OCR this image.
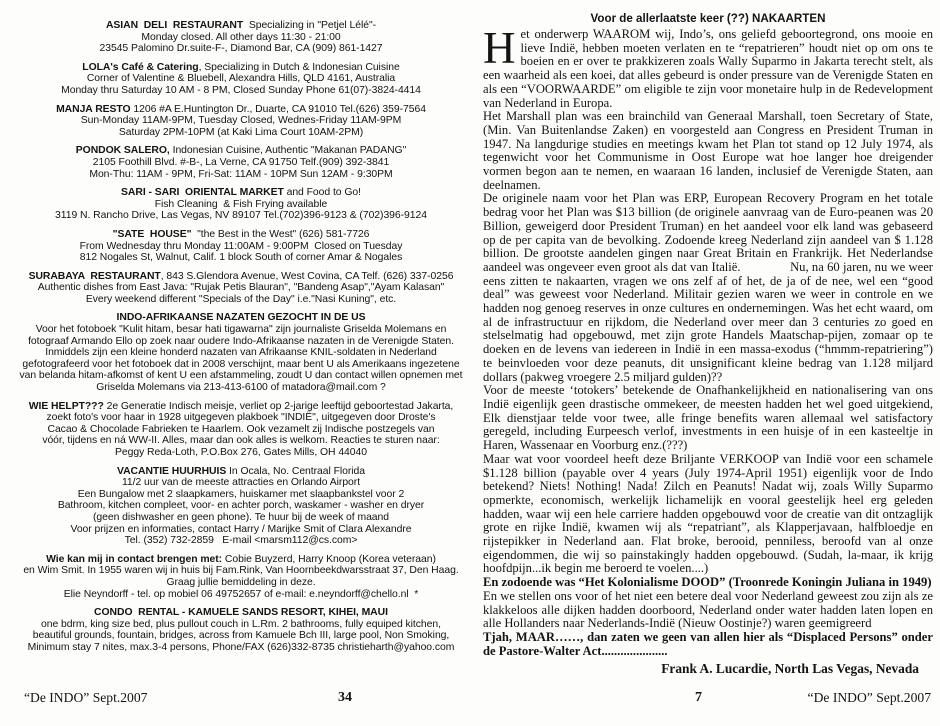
ASIAN  DELI  RESTAURANT  Specializing in "Petjel Lélé"-
Monday closed. All other days 11:30 - 21:00
23545 Palomino Dr.suite-F-, Diamond Bar, CA (909) 861-1427
LOLA's Café & Catering, Specializing in Dutch & Indonesian Cuisine
Corner of Valentine & Bluebell, Alexandra Hills, QLD 4161, Australia
Monday thru Saturday 10 AM - 8 PM, Closed Sunday Phone 61(07)-3824-4414
MANJA RESTO 1206 #A E.Huntington Dr., Duarte, CA 91010 Tel.(626) 359-7564
Sun-Monday 11AM-9PM, Tuesday Closed, Wednes-Friday 11AM-9PM
Saturday 2PM-10PM (at Kaki Lima Court 10AM-2PM)
PONDOK SALERO, Indonesian Cuisine, Authentic "Makanan PADANG"
2105 Foothill Blvd. #-B-, La Verne, CA 91750 Telf.(909) 392-3841
Mon-Thu: 11AM - 9PM, Fri-Sat: 11AM - 10PM Sun 12AM - 9:30PM
SARI - SARI  ORIENTAL MARKET and Food to Go!
Fish Cleaning  & Fish Frying available
3119 N. Rancho Drive, Las Vegas, NV 89107 Tel.(702)396-9123 & (702)396-9124
"SATE  HOUSE"  "the Best in the West" (626) 581-7726
From Wednesday thru Monday 11:00AM - 9:00PM  Closed on Tuesday
812 Nogales St, Walnut, Calif. 1 block South of corner Amar & Nogales
SURABAYA  RESTAURANT, 843 S.Glendora Avenue, West Covina, CA Telf. (626) 337-0256
Authentic dishes from East Java: "Rujak Petis Blauran", "Bandeng Asap","Ayam Kalasan"
Every weekend different "Specials of the Day" i.e."Nasi Kuning", etc.
INDO-AFRIKAANSE NAZATEN GEZOCHT IN DE US
Voor het fotoboek "Kulit hitam, besar hati tigawarna" zijn journaliste Griselda Molemans en
fotograaf Armando Ello op zoek naar oudere Indo-Afrikaanse nazaten in de Verenigde Staten.
Inmiddels zijn een kleine honderd nazaten van Afrikaanse KNIL-soldaten in Nederland
gefotografeerd voor het fotoboek dat in 2008 verschijnt, maar bent U als Amerikaans ingezetene
van belanda hitam-afkomst of kent U een afstammeling, zoudt U dan contact willen opnemen met
Griselda Molemans via 213-413-6100 of matadora@mail.com ?
WIE HELPT??? 2e Generatie Indisch meisje, verliet op 2-jarige leeftijd geboortestad Jakarta,
zoekt foto's voor haar in 1928 uitgegeven plakboek "INDIË", uitgegeven door Droste's
Cacao & Chocolade Fabrieken te Haarlem. Ook vezamelt zij Indische postzegels van
vóór, tijdens en ná WW-II. Alles, maar dan ook alles is welkom. Reacties te sturen naar:
Peggy Reda-Loth, P.O.Box 276, Gates Mills, OH 44040
VACANTIE HUURHUIS In Ocala, No. Centraal Florida
11/2 uur van de meeste attracties en Orlando Airport
Een Bungalow met 2 slaapkamers, huiskamer met slaapbankstel voor 2
Bathroom, kitchen compleet, voor- en achter porch, waskamer - washer en dryer
(geen dishwasher en geen phone). Te huur bij de week of maand
Voor prijzen en informaties, contact Harry / Marijke Smit of Clara Alexandre
Tel. (352) 732-2859   E-mail <marsm112@cs.com>
Wie kan mij in contact brengen met: Cobie Buyzerd, Harry Knoop (Korea veteraan)
en Wim Smit. In 1955 waren wij in huis bij Fam.Rink, Van Hoornbeekdwarsstraat 37, Den Haag.
Graag jullie bemiddeling in deze.
Elie Neyndorff - tel. op mobiel 06 49752657 of e-mail: e.neyndorff@chello.nl  *
CONDO  RENTAL - KAMUELE SANDS RESORT, KIHEI, MAUI
one bdrm, king size bed, plus pullout couch in L.Rm. 2 bathrooms, fully equiped kitchen,
beautiful grounds, fountain, bridges, across from Kamuele Bch III, large pool, Non Smoking,
Minimum stay 7 nites, max.3-4 persons, Phone/FAX (626)332-8735 christieharth@yahoo.com
Voor de allerlaatste keer (??) NAKAARTEN
Het onderwerp WAAROM wij, Indo’s, ons geliefd geboortegrond, ons mooie en lieve Indië, hebben moeten verlaten en te “repatrieren” houdt niet op om ons te boeien en er over te prakkizeren zoals Wally Suparmo in Jakarta terecht stelt, als een waarheid als een koei, dat alles gebeurd is onder pressure van de Verenigde Staten en als een “VOORWAARDE” om eligible te zijn voor monetaire hulp in de Redevelopment van Nederland in Europa.
Het Marshall plan was een brainchild van Generaal Marshall, toen Secretary of State, (Min. Van Buitenlandse Zaken) en voorgesteld aan Congress en President Truman in 1947. Na langdurige studies en meetings kwam het Plan tot stand op 12 July 1974, als tegenwicht voor het Communisme in Oost Europe wat hoe langer hoe dreigender vormen begon aan te nemen, en waaraan 16 landen, inclusief de Verenigde Staten, aan deelnamen.
De originele naam voor het Plan was ERP, European Recovery Program en het totale bedrag voor het Plan was $13 billion (de originele aanvraag van de Euro-peanen was 20 Billion, geweigerd door President Truman) en het aandeel voor elk land was gebaseerd op de per capita van de bevolking. Zodoende kreeg Nederland zijn aandeel van $ 1.128 billion. De grootste aandelen gingen naar Great Britain en Frankrijk. Het Nederlandse aandeel was ongeveer even groot als dat van Italië.               Nu, na 60 jaren, nu we weer eens zitten te nakaarten, vragen we ons zelf af of het, de ja of de nee, wel een “good deal” was geweest voor Nederland. Militair gezien waren we weer in controle en we hadden nog genoeg reserves in onze cultures en ondernemingen. Was het echt waard, om al de infrastructuur en rijkdom, die Nederland over meer dan 3 centuries zo goed en stelselmatig had opgebouwd, met zijn grote Handels Maatschap-pijen, zomaar op te doeken en de levens van iedereen in Indië in een massa-exodus (“hmmm-repatriering”) te beinvloeden voor deze peanuts, dit unsignificant kleine bedrag van 1.128 miljard dollars (pakweg vroegere 2.5 miljard gulden)??
Voor de meeste ‘totokers’ betekende de Onafhankelijkheid en nationalisering van ons Indië eigenlijk geen drastische ommekeer, de meesten hadden het wel goed uitgekiend, Elk dienstjaar telde voor twee, alle fringe benefits waren allemaal wel satisfactory geregeld, including Eurpeesch verlof, investments in een huisje of in een kasteeltje in Haren, Wassenaar en Voorburg enz.(???)
Maar wat voor voordeel heeft deze Briljante VERKOOP van Indië voor een schamele $1.128 billion (payable over 4 years (July 1974-April 1951) eigenlijk voor de Indo betekend? Niets! Nothing! Nada! Zilch en Peanuts! Nadat wij, zoals Willy Suparmo opmerkte, economisch, werkelijk lichamelijk en vooral geestelijk heel erg geleden hadden, waar wij een hele carriere hadden opgebouwd voor de creatie van dit ontzaglijk grote en rijke Indië, kwamen wij als “repatriant”, als Klapperjavaan, halfbloedje en rijstepikker in Nederland aan. Flat broke, berooid, penniless, beroofd van al onze eigendommen, die wij so painstakingly hadden opgebouwd. (Sudah, la-maar, ik krijg hoofdpijn...ik begin me beroerd te voelen....)
En zodoende was “Het Kolonialisme DOOD” (Troonrede Koningin Juliana in 1949)
En we stellen ons voor of het niet een betere deal voor Nederland geweest zou zijn als ze klakkeloos alle dijken hadden doorboord, Nederland onder water hadden laten lopen en alle Hollanders naar Nederlands-Indië (Nieuw Oostinje?) waren geemigreerd
Tjah, MAAR……, dan zaten we geen van allen hier als “Displaced Persons” onder de Pastore-Walter Act.....................
Frank A. Lucardie, North Las Vegas, Nevada
“De INDO” Sept.2007	34	7	“De INDO” Sept.2007
